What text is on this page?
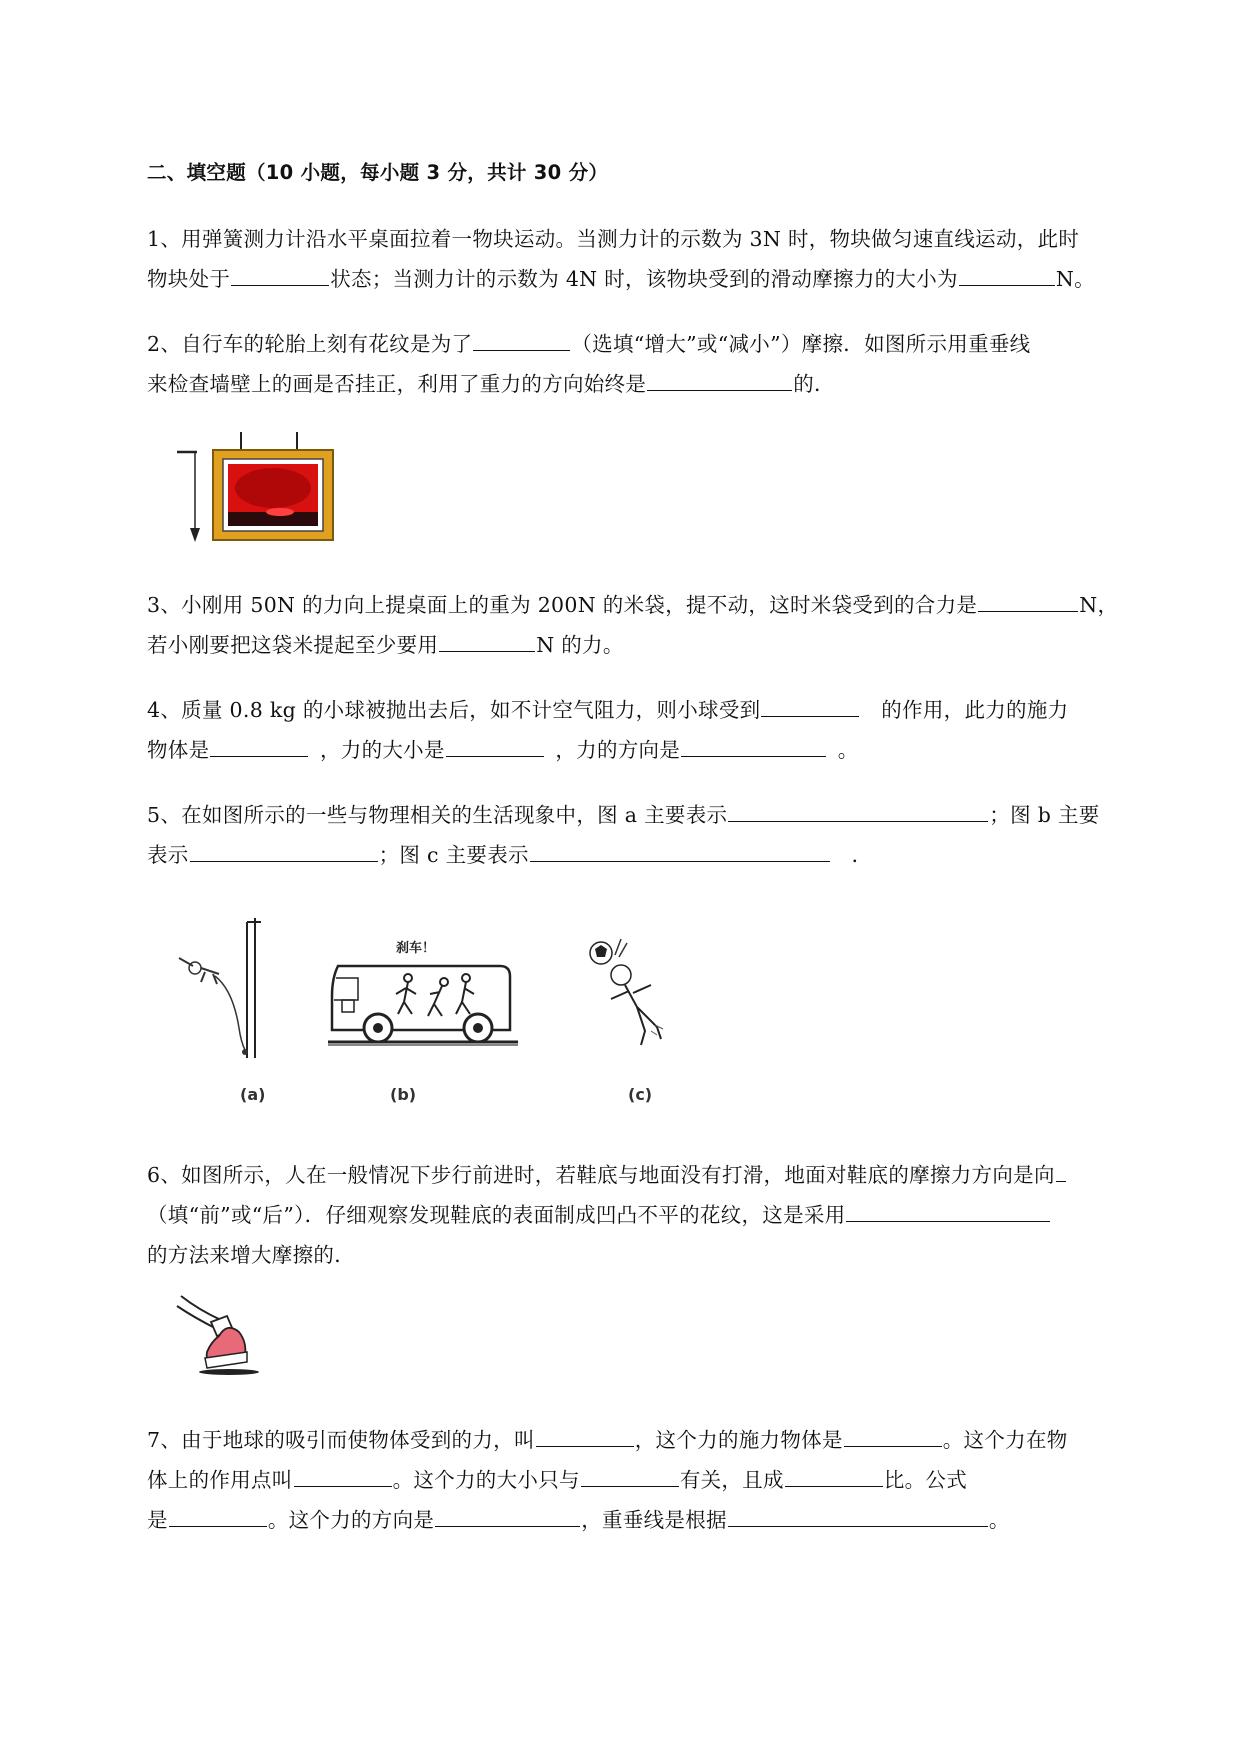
二、填空题（10 小题，每小题 3 分，共计 30 分）
1、用弹簧测力计沿水平桌面拉着一物块运动。当测力计的示数为 3N 时，物块做匀速直线运动，此时
物块处于	状态；当测力计的示数为 4N 时，该物块受到的滑动摩擦力的大小为	N。
2、自行车的轮胎上刻有花纹是为了	（选填“增大”或“减小”）摩擦．如图所示用重垂线
来检查墙壁上的画是否挂正，利用了重力的方向始终是	的．
3、小刚用 50N 的力向上提桌面上的重为 200N 的米袋，提不动，这时米袋受到的合力是	N，
若小刚要把这袋米提起至少要用	N 的力。
4、质量 0.8 kg 的小球被抛出去后，如不计空气阻力，则小球受到 	的作用，此力的施力
物体是 	，力的大小是 	，力的方向是 	。
5、在如图所示的一些与物理相关的生活现象中，图 a 主要表示	；图 b 主要
表示	；图 c 主要表示 	．
(a)
刹车！
(b)	(c)
6、如图所示，人在一般情况下步行前进时，若鞋底与地面没有打滑，地面对鞋底的摩擦力方向是向
（填“前”或“后”）．仔细观察发现鞋底的表面制成凹凸不平的花纹，这是采用
的方法来增大摩擦的．
7、由于地球的吸引而使物体受到的力，叫	，这个力的施力物体是	。这个力在物
体上的作用点叫	。这个力的大小只与	有关，且成	比。公式
是	。这个力的方向是	，重垂线是根据	。
